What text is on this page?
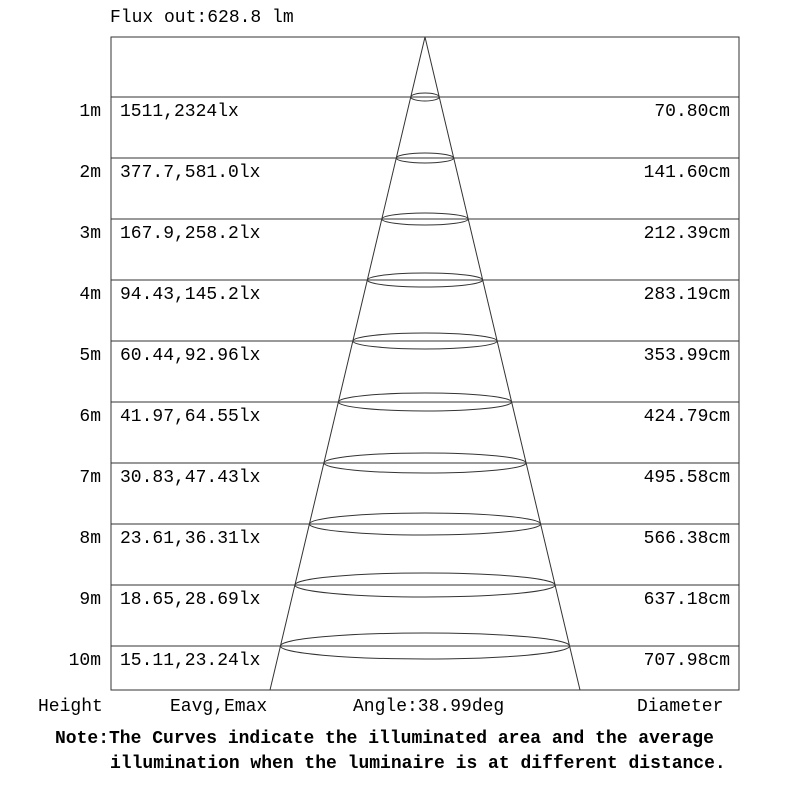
Flux out:628.8 lm
1m 1511,2324lx	70.80cm
2m 377.7,581.0lx	141.60cm
3m 167.9,258.2lx	212.39cm
4m 94.43,145.2lx	283.19cm
5m 60.44,92.96lx	353.99cm
6m 41.97,64.55lx	424.79cm
7m 30.83,47.43lx	495.58cm
8m 23.61,36.31lx	566.38cm
9m 18.65,28.69lx	637.18cm
10m 15.11,23.24lx	707.98cm
Height	Eavg,Emax	Angle:38.99deg	Diameter
Note:The Curves indicate the illuminated area and the average
illumination when the luminaire is at different distance.
